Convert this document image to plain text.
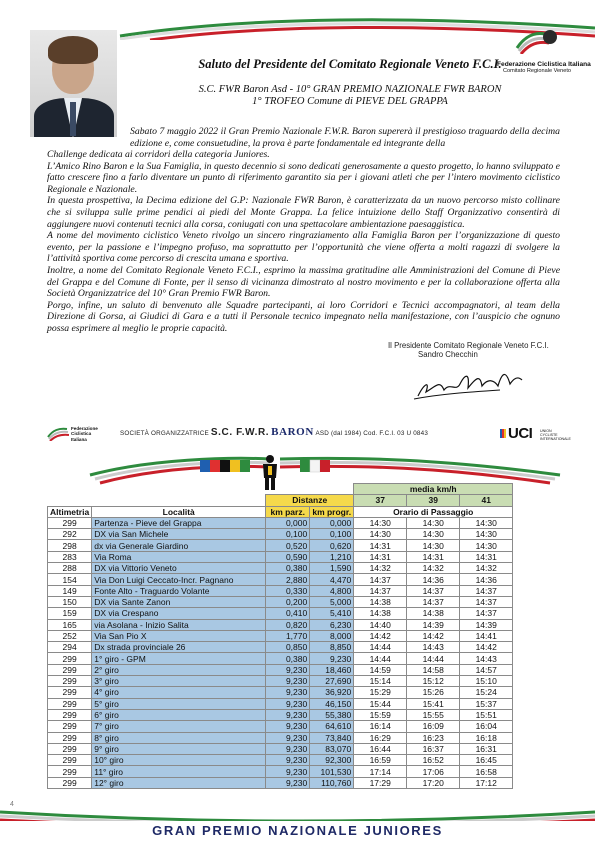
Federazione Ciclistica Italiana
Comitato Regionale Veneto
Saluto del Presidente del Comitato Regionale Veneto F.C.I.
S.C. FWR Baron Asd - 10° GRAN PREMIO NAZIONALE FWR BARON
1° TROFEO Comune di PIEVE DEL GRAPPA

Sabato 7 maggio 2022 il Gran Premio Nazionale F.W.R. Baron supererà il prestigioso traguardo della decima edizione e, come consuetudine, la prova è parte fondamentale ed integrante della

Challenge dedicata ai corridori della categoria Juniores.

L’Amico Rino Baron e la Sua Famiglia, in questo decennio si sono dedicati generosamente a questo progetto, lo hanno sviluppato e fatto crescere fino a farlo diventare un punto di riferimento garantito sia per i giovani atleti che per l’intero movimento ciclistico Regionale e Nazionale.

In questa prospettiva, la Decima edizione del G.P: Nazionale FWR Baron, è caratterizzata da un nuovo percorso misto collinare che si sviluppa sulle prime pendici ai piedi del Monte Grappa. La felice intuizione dello Staff Organizzativo consentirà di aggiungere nuovi contenuti tecnici alla corsa, coniugati con una spettacolare ambientazione paesaggistica.

A nome del movimento ciclistico Veneto rivolgo un sincero ringraziamento alla Famiglia Baron per l’organizzazione di questo evento, per la passione e l’impegno profuso, ma soprattutto per l’opportunità che viene offerta a molti ragazzi di svolgere la l’attività sportiva come percorso di crescita umana e sportiva.

Inoltre, a nome del Comitato Regionale Veneto F.C.I., esprimo la massima gratitudine alle Amministrazioni del Comune di Pieve del Grappa e del Comune di Fonte, per il senso di vicinanza dimostrato al nostro movimento e per la collaborazione offerta alla Società Organizzatrice del 10° Gran Premio FWR Baron.

Porgo, infine, un saluto di benvenuto alle Squadre partecipanti, ai loro Corridori e Tecnici accompagnatori, al team della Direzione di Gorsa, ai Giudici di Gara e a tutti il Personale tecnico impegnato nella manifestazione, con l’auspicio che ognuno possa esprimere al meglio le proprie capacità.

Il Presidente Comitato Regionale Veneto F.C.I.
Sandro Checchin
Federazione Ciclistica Italiana
SOCIETÀ ORGANIZZATRICE S.C. F.W.R. BARON ASD (dal 1984) Cod. F.C.I. 03 U 0843	UCI UNION CYCLISTE INTERNATIONALE
				media km/h		
		Distanze		37	39	41
Altimetria	Località	km parz.	km progr.	Orario di Passaggio		
299	Partenza - Pieve del Grappa	0,000	0,000	14:30	14:30	14:30
292	DX via San Michele	0,100	0,100	14:30	14:30	14:30
298	dx via Generale Giardino	0,520	0,620	14:31	14:30	14:30
283	Via Roma	0,590	1,210	14:31	14:31	14:31
288	DX via Vittorio Veneto	0,380	1,590	14:32	14:32	14:32
154	Via Don Luigi Ceccato-Incr. Pagnano	2,880	4,470	14:37	14:36	14:36
149	Fonte Alto - Traguardo Volante	0,330	4,800	14:37	14:37	14:37
150	DX via Sante Zanon	0,200	5,000	14:38	14:37	14:37
159	DX via Crespano	0,410	5,410	14:38	14:38	14:37
165	via Asolana - Inizio Salita	0,820	6,230	14:40	14:39	14:39
252	Via San Pio X	1,770	8,000	14:42	14:42	14:41
294	Dx strada provinciale 26	0,850	8,850	14:44	14:43	14:42
299	1° giro - GPM	0,380	9,230	14:44	14:44	14:43
299	2° giro	9,230	18,460	14:59	14:58	14:57
299	3° giro	9,230	27,690	15:14	15:12	15:10
299	4° giro	9,230	36,920	15:29	15:26	15:24
299	5° giro	9,230	46,150	15:44	15:41	15:37
299	6° giro	9,230	55,380	15:59	15:55	15:51
299	7° giro	9,230	64,610	16:14	16:09	16:04
299	8° giro	9,230	73,840	16:29	16:23	16:18
299	9° giro	9,230	83,070	16:44	16:37	16:31
299	10° giro	9,230	92,300	16:59	16:52	16:45
299	11° giro	9,230	101,530	17:14	17:06	16:58
299	12° giro	9,230	110,760	17:29	17:20	17:12
4
GRAN PREMIO NAZIONALE JUNIORES
